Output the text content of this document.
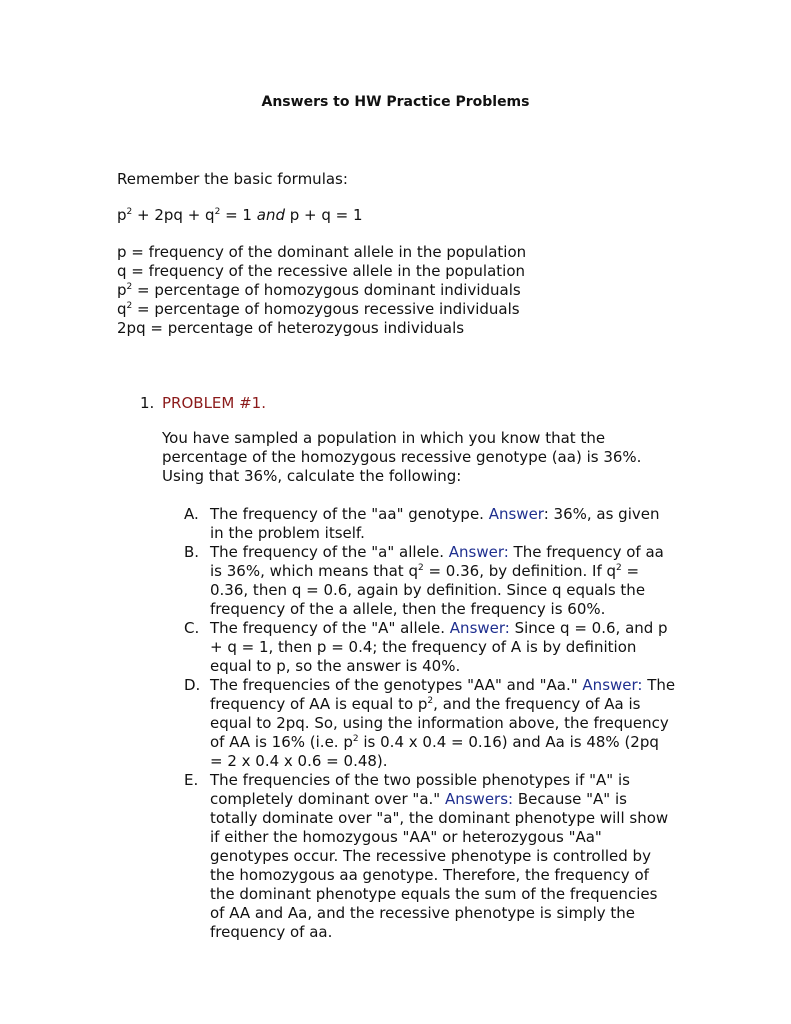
Answers to HW Practice Problems
Remember the basic formulas:
$p^2 + 2pq + q^2 = 1$ and p + q = 1
p = frequency of the dominant allele in the population
q = frequency of the recessive allele in the population
$p^2$ = percentage of homozygous dominant individuals
$q^2$ = percentage of homozygous recessive individuals
2pq = percentage of heterozygous individuals
1. PROBLEM #1.
You have sampled a population in which you know that the percentage of the homozygous recessive genotype (aa) is 36%. Using that 36%, calculate the following:
A. The frequency of the "aa" genotype. Answer: 36%, as given in the problem itself.
B. The frequency of the "a" allele. Answer: The frequency of aa is 36%, which means that $q^2 = 0.36$, by definition. If $q^2 = 0.36$, then q = 0.6, again by definition. Since q equals the frequency of the a allele, then the frequency is 60%.
C. The frequency of the "A" allele. Answer: Since q = 0.6, and p + q = 1, then p = 0.4; the frequency of A is by definition equal to p, so the answer is 40%.
D. The frequencies of the genotypes "AA" and "Aa." Answer: The frequency of AA is equal to $p^2$, and the frequency of Aa is equal to 2pq. So, using the information above, the frequency of AA is 16% (i.e. $p^2$ is 0.4 x 0.4 = 0.16) and Aa is 48% (2pq = 2 x 0.4 x 0.6 = 0.48).
E. The frequencies of the two possible phenotypes if "A" is completely dominant over "a." Answers: Because "A" is totally dominate over "a", the dominant phenotype will show if either the homozygous "AA" or heterozygous "Aa" genotypes occur. The recessive phenotype is controlled by the homozygous aa genotype. Therefore, the frequency of the dominant phenotype equals the sum of the frequencies of AA and Aa, and the recessive phenotype is simply the frequency of aa.
